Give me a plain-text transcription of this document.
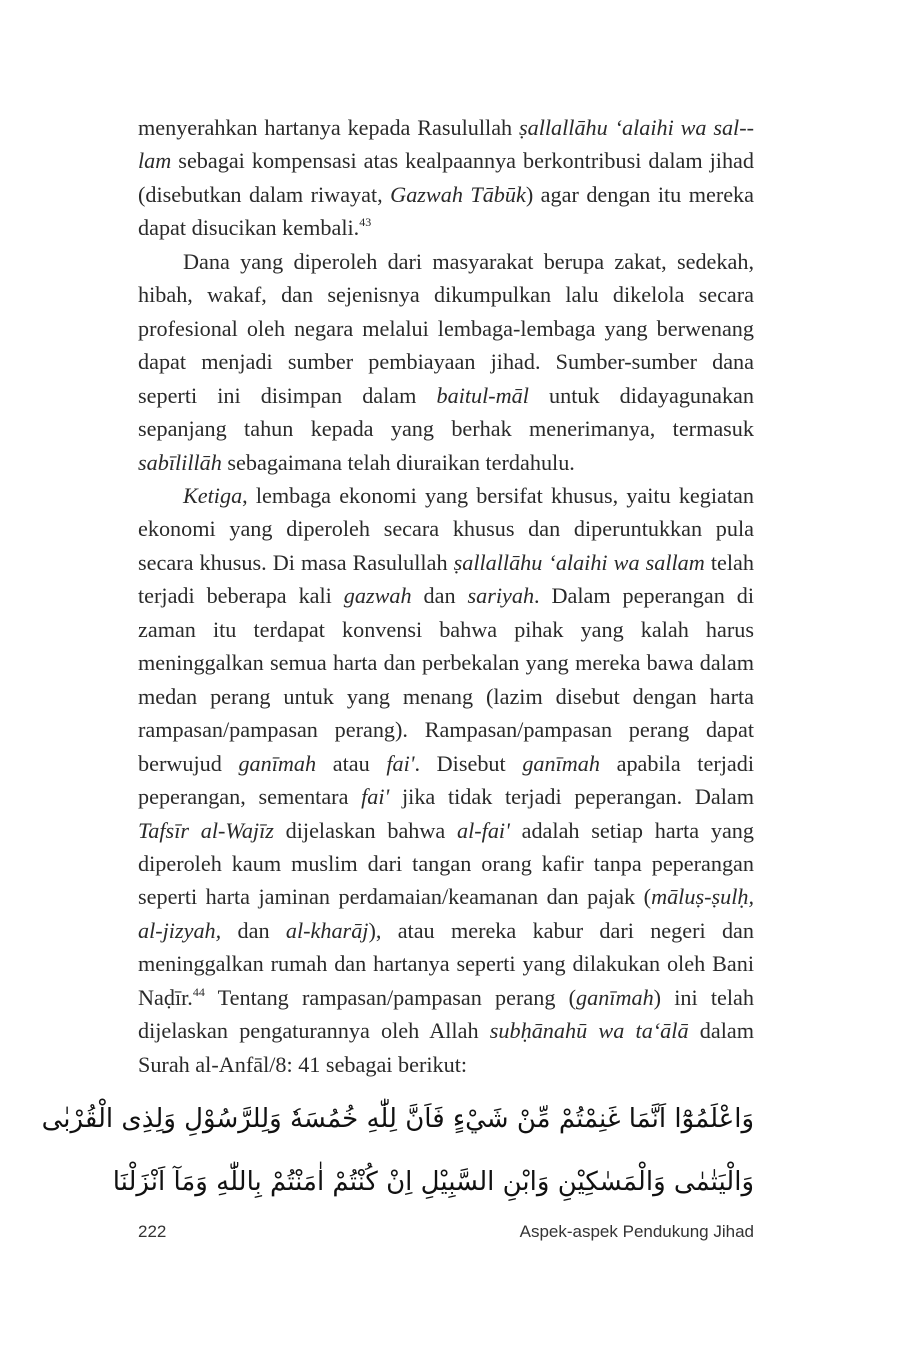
menyerahkan hartanya kepada Rasulullah ṣallallāhu ‘alaihi wa sal-lam sebagai kompensasi atas kealpaannya berkontribusi dalam jihad (disebutkan dalam riwayat, Gazwah Tābūk) agar dengan itu mereka dapat disucikan kembali.$^{43}$

Dana yang diperoleh dari masyarakat berupa zakat, sedekah, hibah, wakaf, dan sejenisnya dikumpulkan lalu dikelola secara profesional oleh negara melalui lembaga-lembaga yang berwenang dapat menjadi sumber pembiayaan jihad. Sumber-sumber dana seperti ini disimpan dalam baitul-māl untuk didayagunakan sepanjang tahun kepada yang berhak menerimanya, termasuk sabīlillāh sebagaimana telah diuraikan terdahulu.

Ketiga, lembaga ekonomi yang bersifat khusus, yaitu kegiatan ekonomi yang diperoleh secara khusus dan diperuntukkan pula secara khusus. Di masa Rasulullah ṣallallāhu ‘alaihi wa sallam telah terjadi beberapa kali gazwah dan sariyah. Dalam peperangan di zaman itu terdapat konvensi bahwa pihak yang kalah harus meninggalkan semua harta dan perbekalan yang mereka bawa dalam medan perang untuk yang menang (lazim disebut dengan harta rampasan/pampasan perang). Rampasan/pampasan perang dapat berwujud ganīmah atau fai'. Disebut ganīmah apabila terjadi peperangan, sementara fai' jika tidak terjadi peperangan. Dalam Tafsīr al-Wajīz dijelaskan bahwa al-fai' adalah setiap harta yang diperoleh kaum muslim dari tangan orang kafir tanpa peperangan seperti harta jaminan perdamaian/keamanan dan pajak (māluṣ-ṣulḥ, al-jizyah, dan al-kharāj), atau mereka kabur dari negeri dan meninggalkan rumah dan hartanya seperti yang dilakukan oleh Bani Naḍīr.$^{44}$ Tentang rampasan/pampasan perang (ganīmah) ini telah dijelaskan pengaturannya oleh Allah subḥānahū wa ta‘ālā dalam Surah al-Anfāl/8: 41 sebagai berikut:

وَاعْلَمُوْٓا اَنَّمَا غَنِمْتُمْ مِّنْ شَيْءٍ فَاَنَّ لِلّٰهِ خُمُسَهٗ وَلِلرَّسُوْلِ وَلِذِى الْقُرْبٰى
وَالْيَتٰمٰى وَالْمَسٰكِيْنِ وَابْنِ السَّبِيْلِ اِنْ كُنْتُمْ اٰمَنْتُمْ بِاللّٰهِ وَمَآ اَنْزَلْنَا
222	Aspek-aspek Pendukung Jihad
